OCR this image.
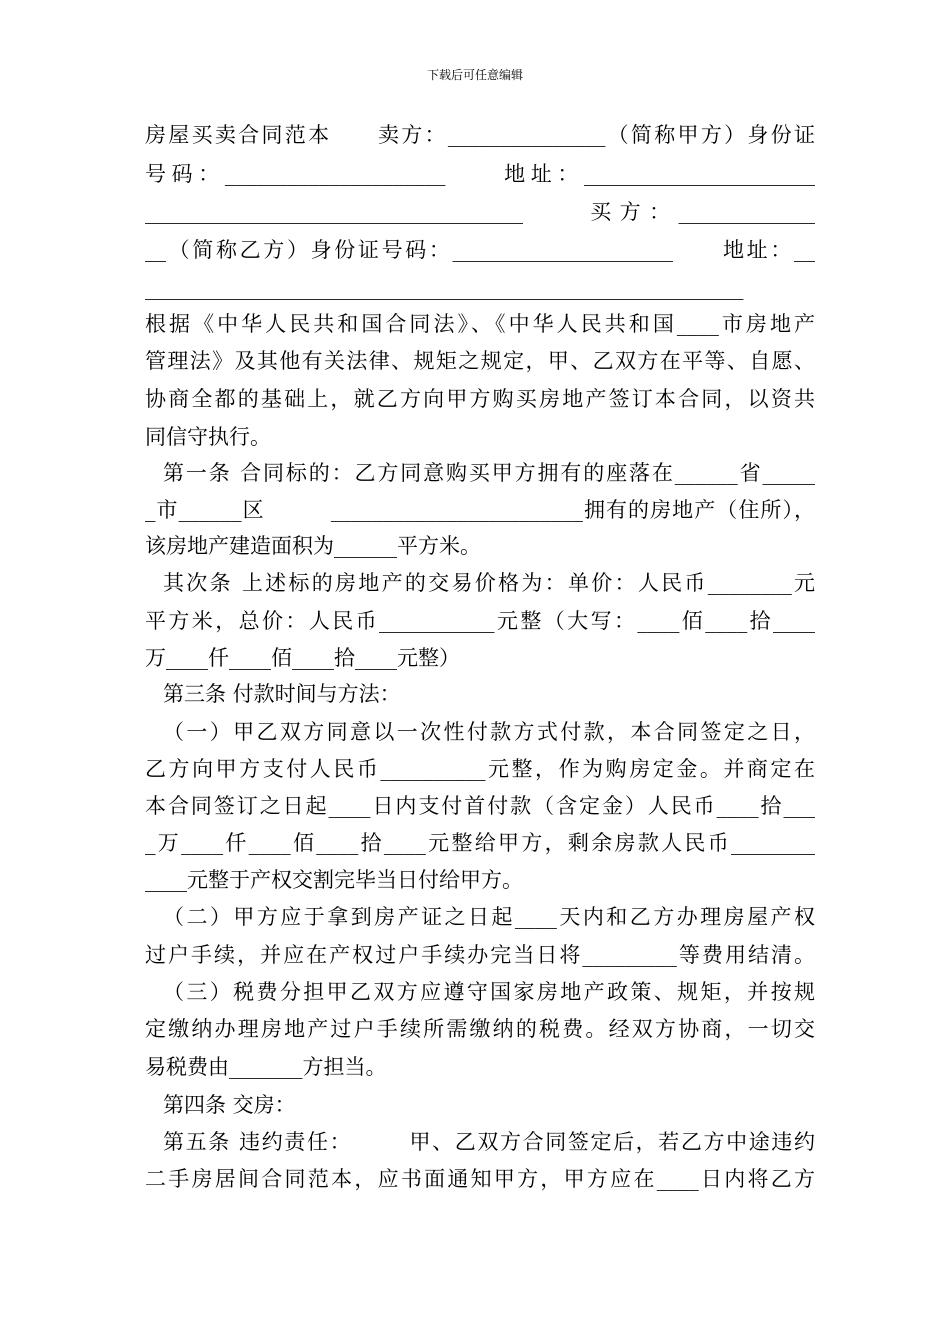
下载后可任意编辑
房屋买卖合同范本　　卖方：_______________（简称甲方）身份证
号码：_____________________　　地址：______________________
____________________________________　　买方：_____________
__（简称乙方）身份证号码：_____________________　　地址：__
_________________________________________________________
根据《中华人民共和国合同法》、《中华人民共和国____市房地产
管理法》及其他有关法律、规矩之规定，甲、乙双方在平等、自愿、
协商全都的基础上，就乙方向甲方购买房地产签订本合同，以资共
同信守执行。
第一条 合同标的：乙方同意购买甲方拥有的座落在______省_____
_市______区　　　________________________拥有的房地产（住所），
该房地产建造面积为______平方米。
其次条 上述标的房地产的交易价格为：单价：人民币________元
平方米，总价：人民币___________元整（大写：____佰____拾____
万____仟____佰____拾____元整）
第三条 付款时间与方法：
（一）甲乙双方同意以一次性付款方式付款，本合同签定之日，
乙方向甲方支付人民币__________元整，作为购房定金。并商定在
本合同签订之日起____日内支付首付款（含定金）人民币____拾___
_万____仟____佰____拾____元整给甲方，剩余房款人民币________
____元整于产权交割完毕当日付给甲方。
（二）甲方应于拿到房产证之日起____天内和乙方办理房屋产权
过户手续，并应在产权过户手续办完当日将_________等费用结清。
（三）税费分担甲乙双方应遵守国家房地产政策、规矩，并按规
定缴纳办理房地产过户手续所需缴纳的税费。经双方协商，一切交
易税费由_______方担当。
第四条 交房：
第五条 违约责任：　　　甲、乙双方合同签定后，若乙方中途违约
二手房居间合同范本，应书面通知甲方，甲方应在____日内将乙方
